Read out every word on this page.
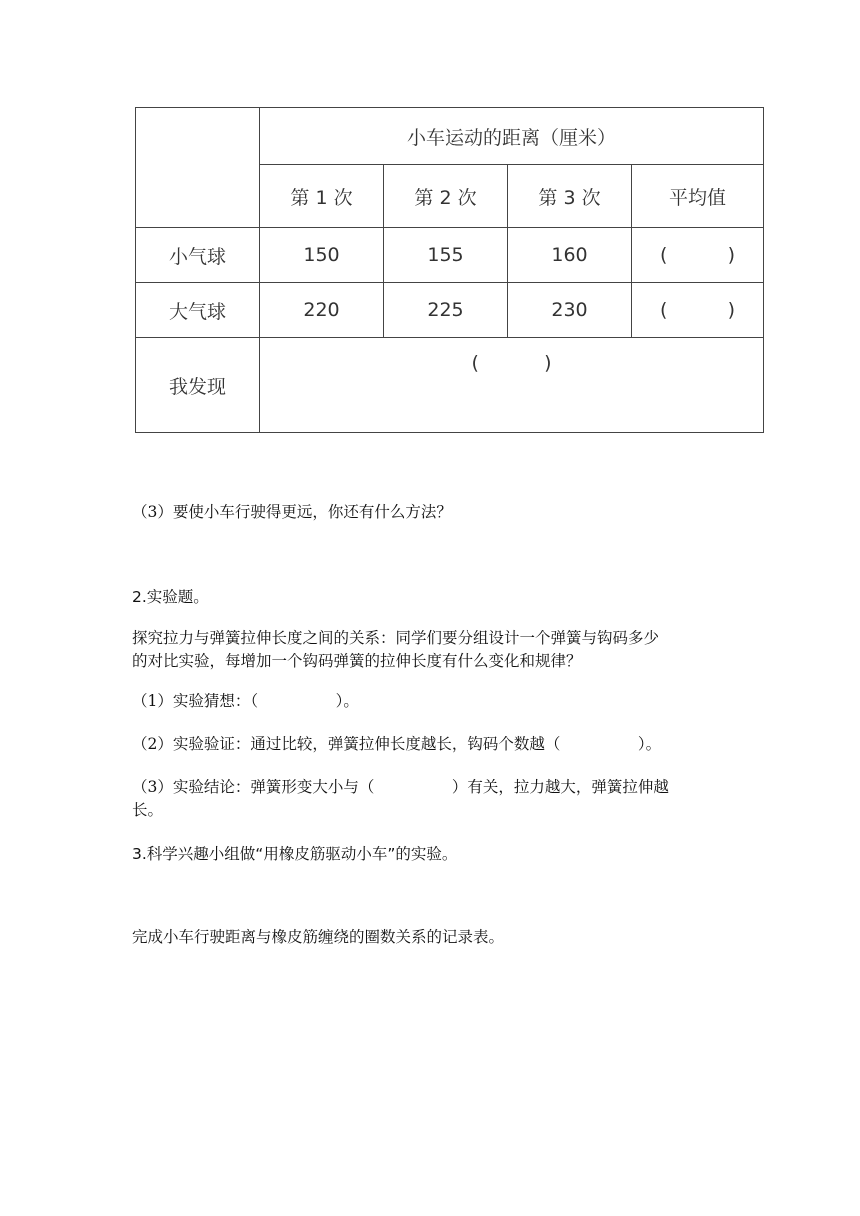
	小车运动的距离（厘米）			
	第 1 次	第 2 次	第 3 次	平均值
小气球	150	155	160	( )

大气球	220	225	230	( )

我发现	( )			
（3）要使小车行驶得更远，你还有什么方法？
2.实验题。
探究拉力与弹簧拉伸长度之间的关系：同学们要分组设计一个弹簧与钩码多少
的对比实验，每增加一个钩码弹簧的拉伸长度有什么变化和规律？
（1）实验猜想：（　　　　　）。
（2）实验验证：通过比较，弹簧拉伸长度越长，钩码个数越（　　　　　）。
（3）实验结论：弹簧形变大小与（　　　　　）有关，拉力越大，弹簧拉伸越
长。
3.科学兴趣小组做“用橡皮筋驱动小车”的实验。
完成小车行驶距离与橡皮筋缠绕的圈数关系的记录表。
